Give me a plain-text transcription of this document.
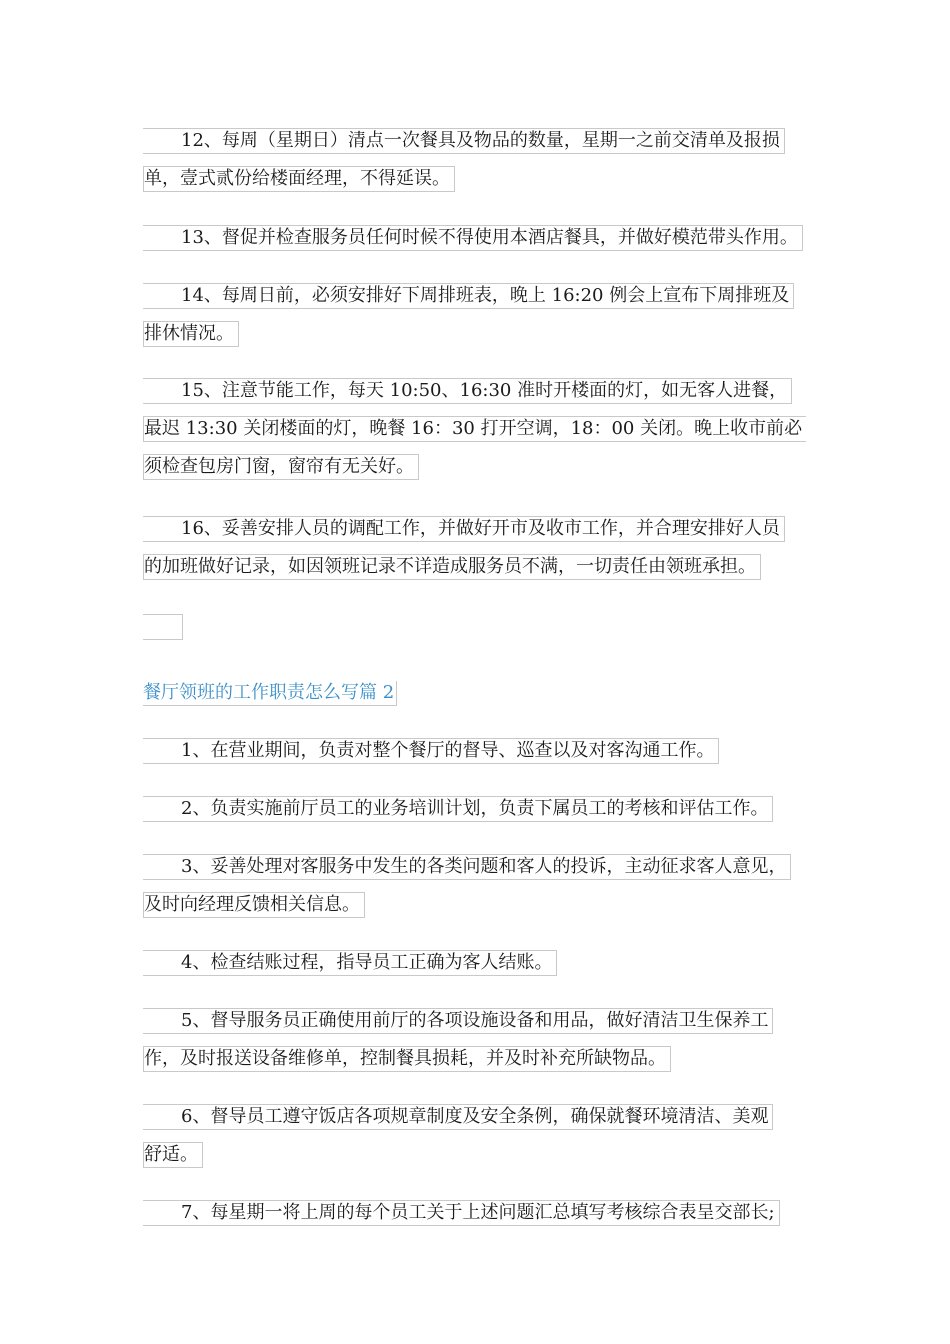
12、每周（星期日）清点一次餐具及物品的数量，星期一之前交清单及报损
单，壹式贰份给楼面经理，不得延误。
13、督促并检查服务员任何时候不得使用本酒店餐具，并做好模范带头作用。
14、每周日前，必须安排好下周排班表，晚上 16:20 例会上宣布下周排班及
排休情况。
15、注意节能工作，每天 10:50、16:30 准时开楼面的灯，如无客人进餐，
最迟 13:30 关闭楼面的灯，晚餐 16：30 打开空调，18：00 关闭。晚上收市前必
须检查包房门窗，窗帘有无关好。
16、妥善安排人员的调配工作，并做好开市及收市工作，并合理安排好人员
的加班做好记录，如因领班记录不详造成服务员不满，一切责任由领班承担。
餐厅领班的工作职责怎么写篇 2
1、在营业期间，负责对整个餐厅的督导、巡查以及对客沟通工作。
2、负责实施前厅员工的业务培训计划，负责下属员工的考核和评估工作。
3、妥善处理对客服务中发生的各类问题和客人的投诉，主动征求客人意见，
及时向经理反馈相关信息。
4、检查结账过程，指导员工正确为客人结账。
5、督导服务员正确使用前厅的各项设施设备和用品，做好清洁卫生保养工
作，及时报送设备维修单，控制餐具损耗，并及时补充所缺物品。
6、督导员工遵守饭店各项规章制度及安全条例，确保就餐环境清洁、美观
舒适。
7、每星期一将上周的每个员工关于上述问题汇总填写考核综合表呈交部长;
